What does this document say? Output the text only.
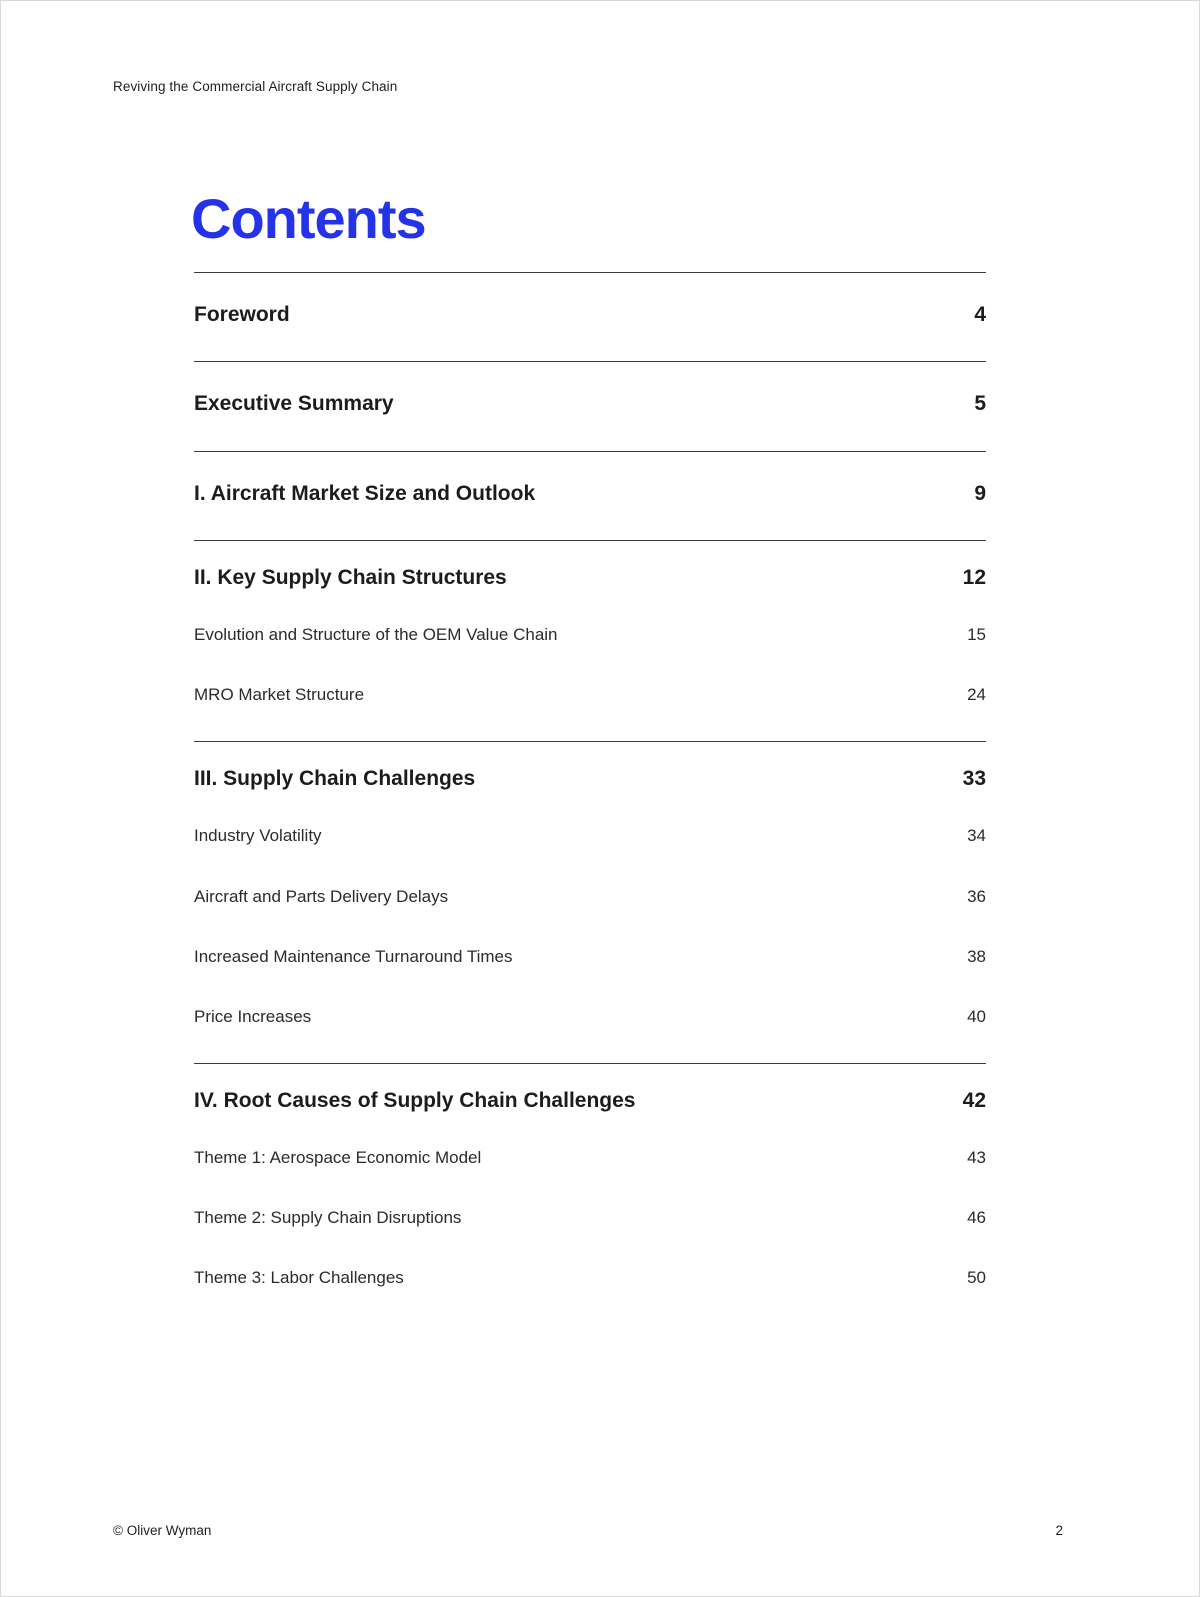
Reviving the Commercial Aircraft Supply Chain
Contents
Foreword	4
Executive Summary	5
I. Aircraft Market Size and Outlook	9
II. Key Supply Chain Structures	12
Evolution and Structure of the OEM Value Chain	15
MRO Market Structure	24
III. Supply Chain Challenges	33
Industry Volatility	34
Aircraft and Parts Delivery Delays	36
Increased Maintenance Turnaround Times	38
Price Increases	40
IV. Root Causes of Supply Chain Challenges	42
Theme 1: Aerospace Economic Model	43
Theme 2: Supply Chain Disruptions	46
Theme 3: Labor Challenges	50
© Oliver Wyman	2
